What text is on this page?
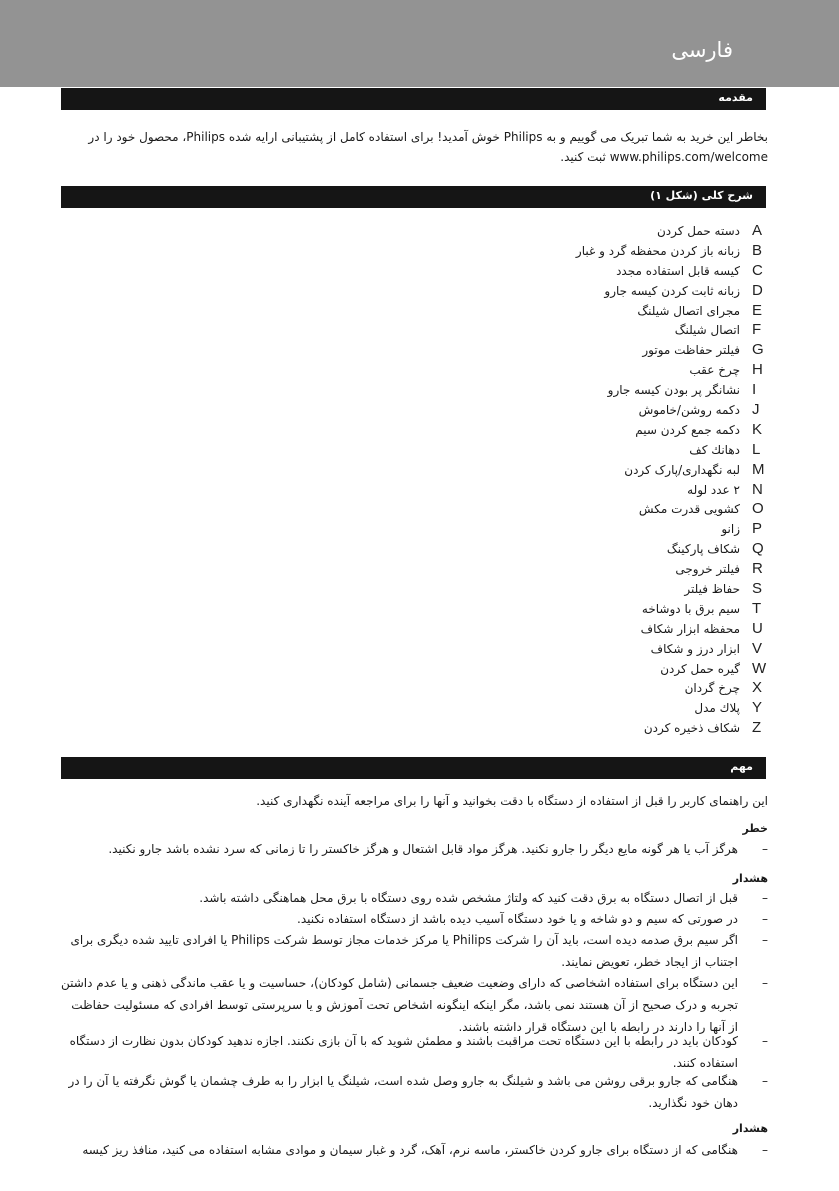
فارسی
مقدمه
بخاطر این خرید به شما تبریک می گوییم و به Philips خوش آمدید! برای استفاده کامل از پشتیبانی ارایه شده Philips، محصول خود را در www.philips.com/welcome ثبت کنید.
شرح کلی (شکل ۱)
A
دسته حمل کردن
B
زبانه باز کردن محفظه گرد و غبار
C
کیسه قابل استفاده مجدد
D
زبانه ثابت کردن کیسه جارو
E
مجرای اتصال شیلنگ
F
اتصال شیلنگ
G
فیلتر حفاظت موتور
H
چرخ عقب
I
نشانگر پر بودن کیسه جارو
J
دکمه روشن/خاموش
K
دکمه جمع کردن سیم
L
دهانك كف
M
لبه نگهداری/پارک کردن
N
۲ عدد لوله
O
کشویی قدرت مکش
P
زانو
Q
شکاف پارکینگ
R
فیلتر خروجی
S
حفاظ فیلتر
T
سیم برق با دوشاخه
U
محفظه ابزار شکاف
V
ابزار درز و شکاف
W
گیره حمل کردن
X
چرخ گردان
Y
پلاك مدل
Z
شکاف ذخیره کردن
مهم
این راهنمای کاربر را قبل از استفاده از دستگاه با دقت بخوانید و آنها را برای مراجعه آینده نگهداری کنید.
خطر
–
هرگز آب یا هر گونه مایع دیگر را جارو نکنید. هرگز مواد قابل اشتعال و هرگز خاکستر را تا زمانی که سرد نشده باشد جارو نکنید.
هشدار
–
قبل از اتصال دستگاه به برق دقت کنید که ولتاژ مشخص شده روی دستگاه با برق محل هماهنگی داشته باشد.
–
در صورتی که سیم و دو شاخه و یا خود دستگاه آسیب دیده باشد از دستگاه استفاده نکنید.
–
اگر سیم برق صدمه دیده است، باید آن را شرکت Philips یا مرکز خدمات مجاز توسط شرکت Philips یا افرادی تایید شده دیگری برای اجتناب از ایجاد خطر، تعویض نمایند.
–
این دستگاه برای استفاده اشخاصی که دارای وضعیت ضعیف جسمانی (شامل کودکان)، حساسیت و یا عقب ماندگی ذهنی و یا عدم داشتن تجربه و درک صحیح از آن هستند نمی باشد، مگر اینکه اینگونه اشخاص تحت آموزش و یا سرپرستی توسط افرادی که مسئولیت حفاظت از آنها را دارند در رابطه با این دستگاه قرار داشته باشند.
–
کودکان باید در رابطه با این دستگاه تحت مراقبت باشند و مطمئن شوید که با آن بازی نکنند. اجازه ندهید کودکان بدون نظارت از دستگاه استفاده کنند.
–
هنگامی که جارو برقی روشن می باشد و شیلنگ به جارو وصل شده است، شیلنگ یا ابزار را به طرف چشمان یا گوش نگرفته یا آن را در دهان خود نگذارید.
هشدار
–
هنگامی که از دستگاه برای جارو کردن خاکستر، ماسه نرم، آهک، گرد و غبار سیمان و موادی مشابه استفاده می کنید، منافذ ریز کیسه
